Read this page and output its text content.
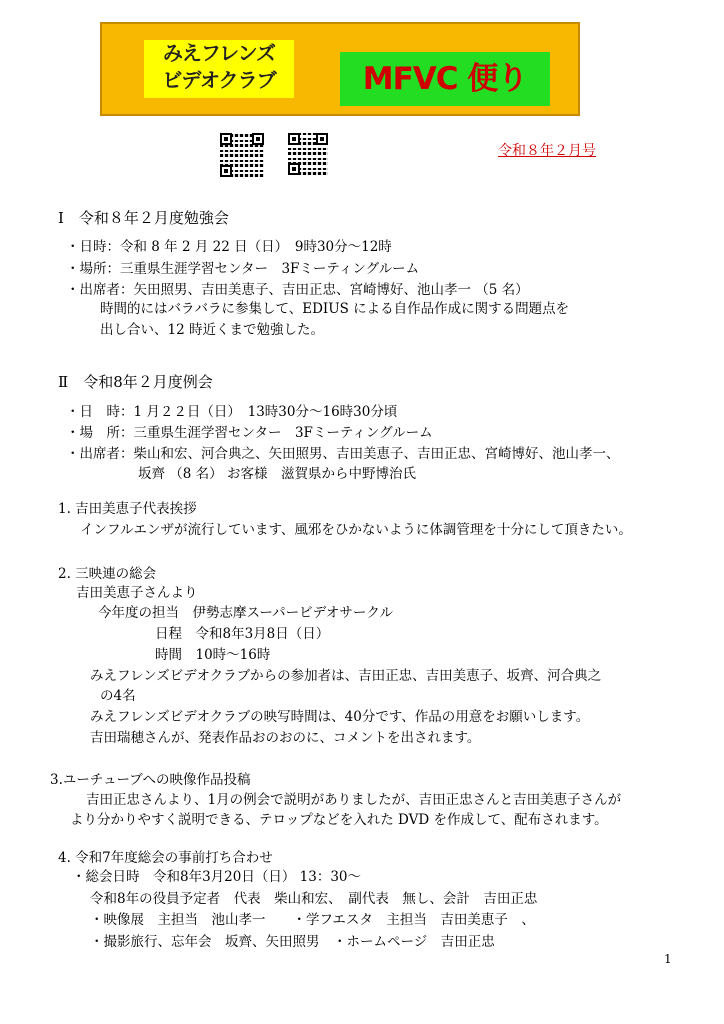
みえフレンズ
ビデオクラブ	MFVC 便り
令和８年２月号
Ⅰ　令和８年２月度勉強会
・日時：令和 8 年 2 月 22 日（日）　9時30分～12時
・場所：三重県生涯学習センター　3Fミーティングルーム
・出席者：矢田照男、吉田美恵子、吉田正忠、宮崎博好、池山孝一 （5 名）
時間的にはバラバラに参集して、EDIUS による自作品作成に関する問題点を
出し合い、12 時近くまで勉強した。
Ⅱ　令和8年２月度例会
・日　時：1 月２２日（日）　13時30分～16時30分頃
・場　所：三重県生涯学習センター　3Fミーティングルーム
・出席者：柴山和宏、河合典之、矢田照男、吉田美恵子、吉田正忠、宮崎博好、池山孝一、
坂齊 （8 名） お客様　滋賀県から中野博治氏
1. 吉田美恵子代表挨拶
インフルエンザが流行しています、風邪をひかないように体調管理を十分にして頂きたい。
2. 三映連の総会
吉田美恵子さんより
今年度の担当　伊勢志摩スーパービデオサークル
日程　令和8年3月8日（日）
時間　10時～16時
みえフレンズビデオクラブからの参加者は、吉田正忠、吉田美恵子、坂齊、河合典之
の4名
みえフレンズビデオクラブの映写時間は、40分です、作品の用意をお願いします。
吉田瑞穂さんが、発表作品おのおのに、コメントを出されます。
3.ユーチューブへの映像作品投稿
吉田正忠さんより、1月の例会で説明がありましたが、吉田正忠さんと吉田美恵子さんが
より分かりやすく説明できる、テロップなどを入れた DVD を作成して、配布されます。
4. 令和7年度総会の事前打ち合わせ
・総会日時　令和8年3月20日（日） 13：30～
令和8年の役員予定者　代表　柴山和宏、　副代表　無し、会計　吉田正忠
・映像展　主担当　池山孝一　　・学フエスタ　主担当　吉田美恵子　、
・撮影旅行、忘年会　坂齊、矢田照男　・ホームページ　吉田正忠
1
